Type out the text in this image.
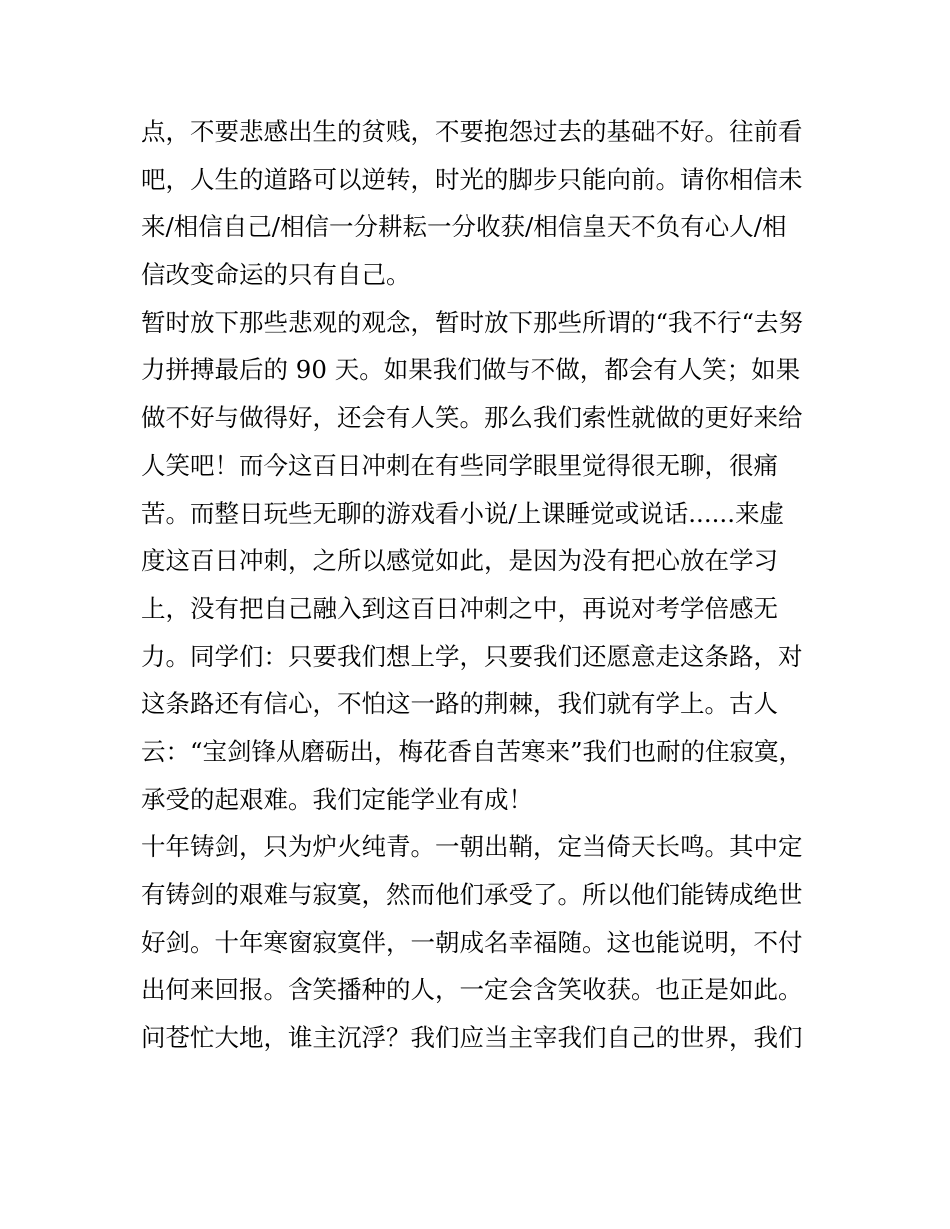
点，不要悲感出生的贫贱，不要抱怨过去的基础不好。往前看
吧，人生的道路可以逆转，时光的脚步只能向前。请你相信未
来/相信自己/相信一分耕耘一分收获/相信皇天不负有心人/相
信改变命运的只有自己。
暂时放下那些悲观的观念，暂时放下那些所谓的“我不行“去努
力拼搏最后的 90 天。如果我们做与不做，都会有人笑；如果
做不好与做得好，还会有人笑。那么我们索性就做的更好来给
人笑吧！而今这百日冲刺在有些同学眼里觉得很无聊，很痛
苦。而整日玩些无聊的游戏看小说/上课睡觉或说话......来虚
度这百日冲刺，之所以感觉如此，是因为没有把心放在学习
上，没有把自己融入到这百日冲刺之中，再说对考学倍感无
力。同学们：只要我们想上学，只要我们还愿意走这条路，对
这条路还有信心，不怕这一路的荆棘，我们就有学上。古人
云：“宝剑锋从磨砺出，梅花香自苦寒来”我们也耐的住寂寞，
承受的起艰难。我们定能学业有成！
十年铸剑，只为炉火纯青。一朝出鞘，定当倚天长鸣。其中定
有铸剑的艰难与寂寞，然而他们承受了。所以他们能铸成绝世
好剑。十年寒窗寂寞伴，一朝成名幸福随。这也能说明，不付
出何来回报。含笑播种的人，一定会含笑收获。也正是如此。
问苍忙大地，谁主沉浮？我们应当主宰我们自己的世界，我们
